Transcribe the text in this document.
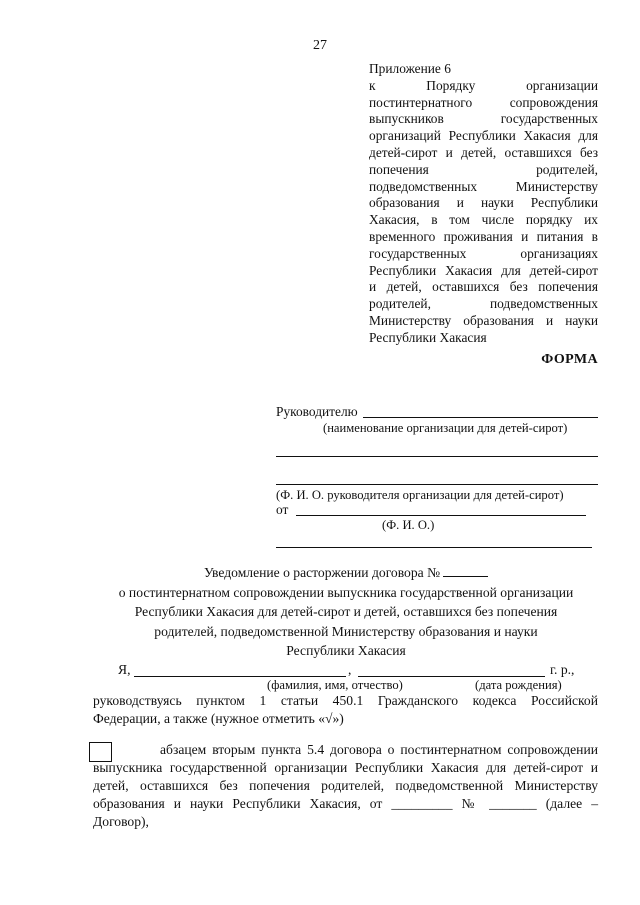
27
Приложение 6
к Порядку организации
постинтернатного сопровождения
выпускников государственных
организаций Республики Хакасия для
детей-сирот и детей, оставшихся без
попечения родителей,
подведомственных Министерству
образования и науки Республики
Хакасия, в том числе порядку их
временного проживания и питания в
государственных организациях
Республики Хакасия для детей-сирот
и детей, оставшихся без попечения
родителей, подведомственных
Министерству образования и науки
Республики Хакасия
ФОРМА
Руководителю
(наименование организации для детей-сирот)
(Ф. И. О. руководителя организации для детей-сирот)
от
(Ф. И. О.)
Уведомление о расторжении договора №
о постинтернатном сопровождении выпускника государственной организации
Республики Хакасия для детей-сирот и детей, оставшихся без попечения
родителей, подведомственной Министерству образования и науки
Республики Хакасия
Я,	,	г. р.,
(фамилия, имя, отчество)	(дата рождения)
руководствуясь пунктом 1 статьи 450.1 Гражданского кодекса Российской
Федерации, а также (нужное отметить «√»)
абзацем вторым пункта 5.4 договора о постинтернатном сопровождении
выпускника государственной организации Республики Хакасия для детей-сирот и
детей, оставшихся без попечения родителей, подведомственной Министерству
образования и науки Республики Хакасия, от _________ № _______ (далее –
Договор),
